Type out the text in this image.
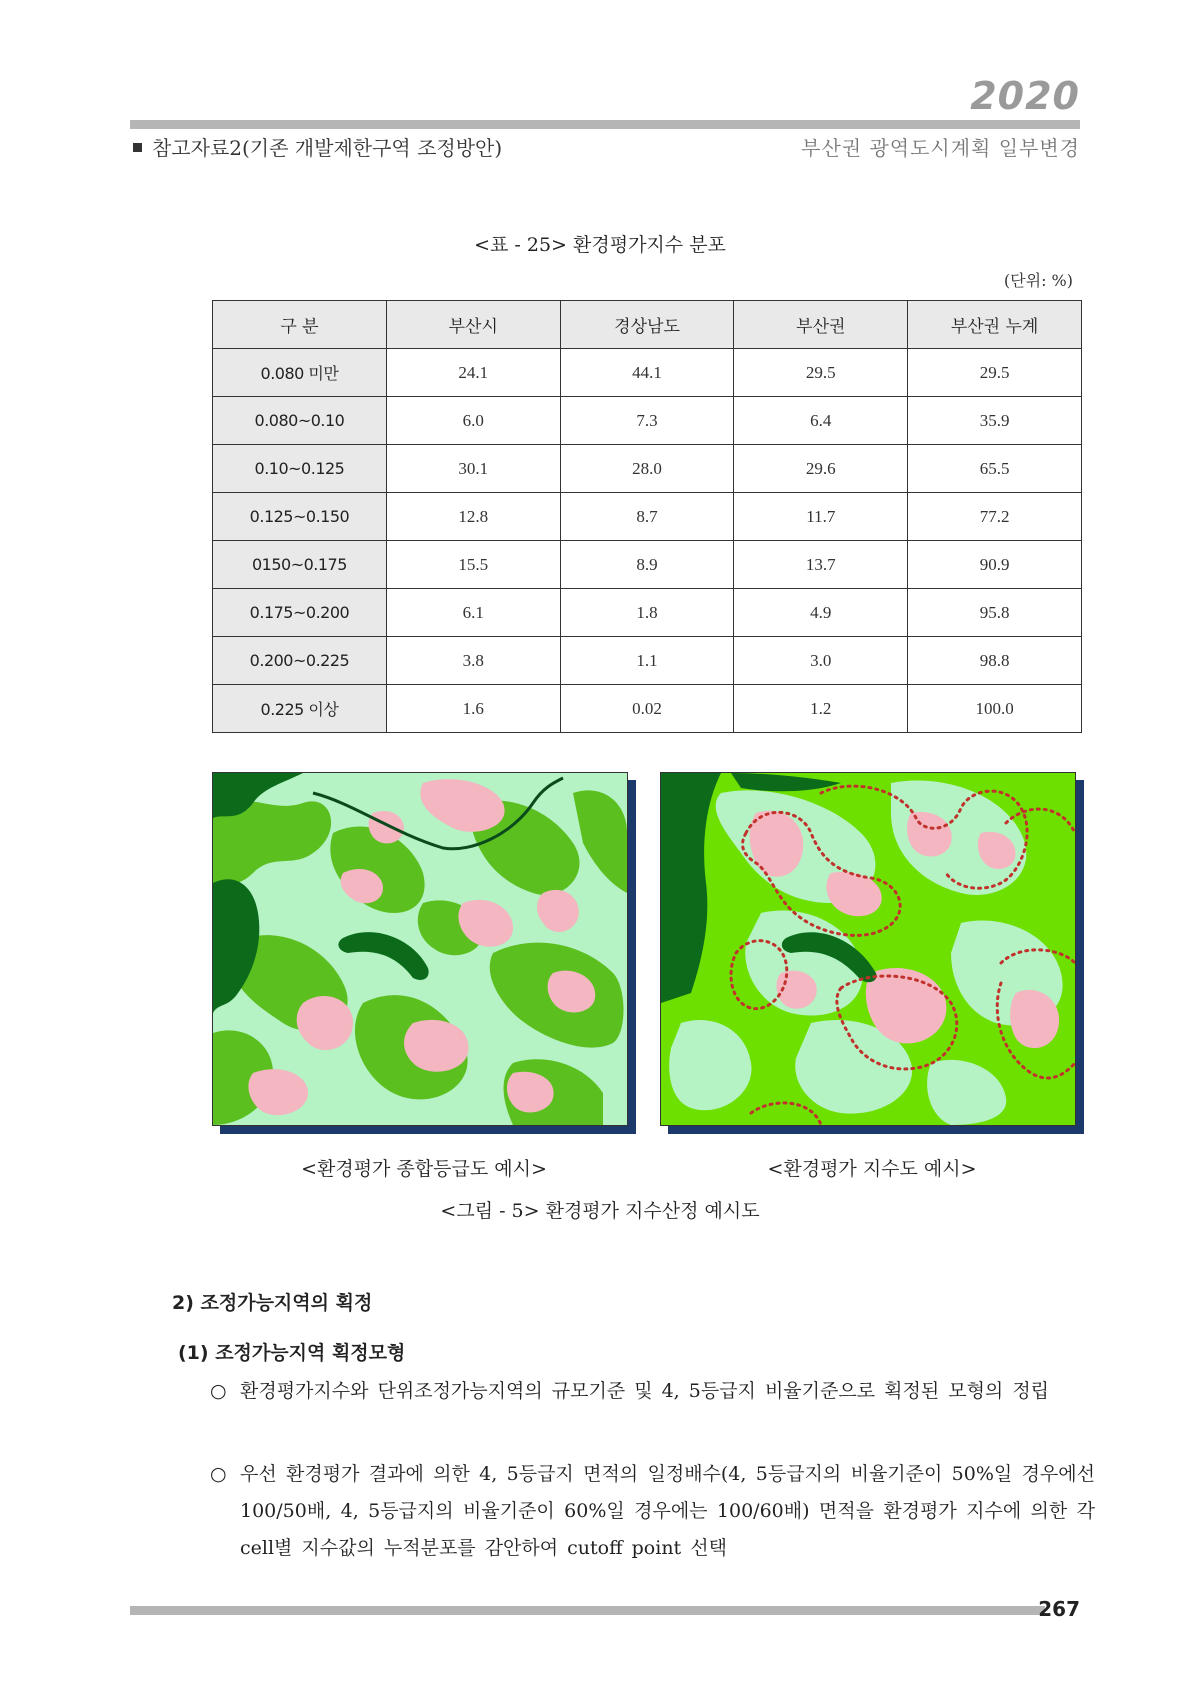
2020
참고자료2(기존 개발제한구역 조정방안)	부산권 광역도시계획 일부변경
<표 - 25> 환경평가지수 분포
(단위: %)
구 분	부산시	경상남도	부산권	부산권 누계
0.080 미만	24.1	44.1	29.5	29.5
0.080~0.10	6.0	7.3	6.4	35.9
0.10~0.125	30.1	28.0	29.6	65.5
0.125~0.150	12.8	8.7	11.7	77.2
0150~0.175	15.5	8.9	13.7	90.9
0.175~0.200	6.1	1.8	4.9	95.8
0.200~0.225	3.8	1.1	3.0	98.8
0.225 이상	1.6	0.02	1.2	100.0
<환경평가 종합등급도 예시>	<환경평가 지수도 예시>
<그림 - 5> 환경평가 지수산정 예시도
2) 조정가능지역의 획정
(1) 조정가능지역 획정모형
○ 환경평가지수와 단위조정가능지역의 규모기준 및 4, 5등급지 비율기준으로 획정된 모형의 정립
○ 우선 환경평가 결과에 의한 4, 5등급지 면적의 일정배수(4, 5등급지의 비율기준이 50%일 경우에선 100/50배, 4, 5등급지의 비율기준이 60%일 경우에는 100/60배) 면적을 환경평가 지수에 의한 각 cell별 지수값의 누적분포를 감안하여 cutoff point 선택
267
